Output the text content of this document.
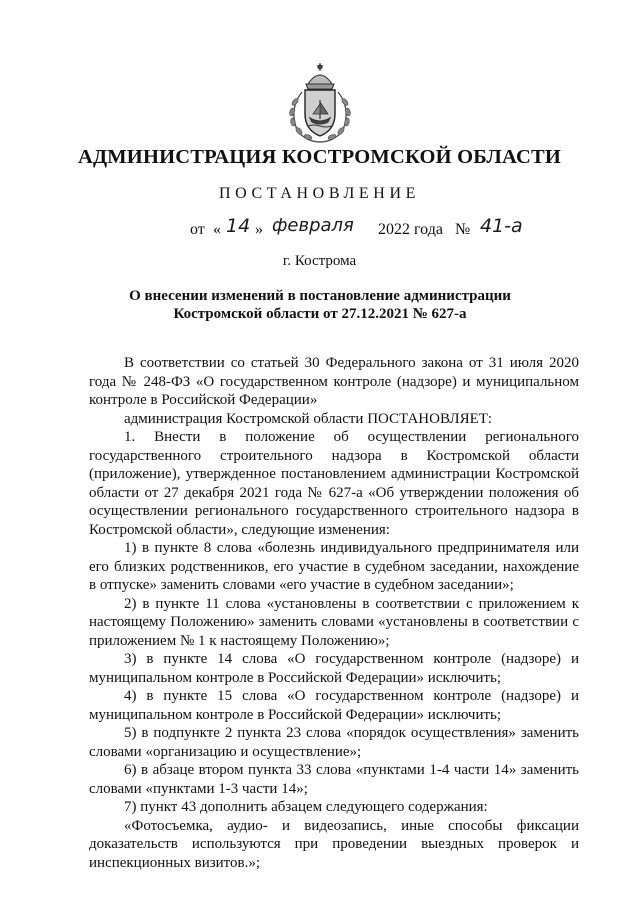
АДМИНИСТРАЦИЯ КОСТРОМСКОЙ ОБЛАСТИ
ПОСТАНОВЛЕНИЕ
от « 14 » февраля 2022 года № 41-а
г. Кострома
О внесении изменений в постановление администрации
Костромской области от 27.12.2021 № 627-а

В соответствии со статьей 30 Федерального закона от 31 июля 2020 года № 248-ФЗ «О государственном контроле (надзоре) и муниципальном контроле в Российской Федерации»

администрация Костромской области ПОСТАНОВЛЯЕТ:

1. Внести в положение об осуществлении регионального государственного строительного надзора в Костромской области (приложение), утвержденное постановлением администрации Костромской области от 27 декабря 2021 года № 627-а «Об утверждении положения об осуществлении регионального государственного строительного надзора в Костромской области», следующие изменения:

1) в пункте 8 слова «болезнь индивидуального предпринимателя или его близких родственников, его участие в судебном заседании, нахождение в отпуске» заменить словами «его участие в судебном заседании»;

2) в пункте 11 слова «установлены в соответствии с приложением к настоящему Положению» заменить словами «установлены в соответствии с приложением № 1 к настоящему Положению»;

3) в пункте 14 слова «О государственном контроле (надзоре) и муниципальном контроле в Российской Федерации» исключить;

4) в пункте 15 слова «О государственном контроле (надзоре) и муниципальном контроле в Российской Федерации» исключить;

5) в подпункте 2 пункта 23 слова «порядок осуществления» заменить словами «организацию и осуществление»;

6) в абзаце втором пункта 33 слова «пунктами 1-4 части 14» заменить словами «пунктами 1-3 части 14»;

7) пункт 43 дополнить абзацем следующего содержания:

«Фотосъемка, аудио- и видеозапись, иные способы фиксации доказательств используются при проведении выездных проверок и инспекционных визитов.»;
